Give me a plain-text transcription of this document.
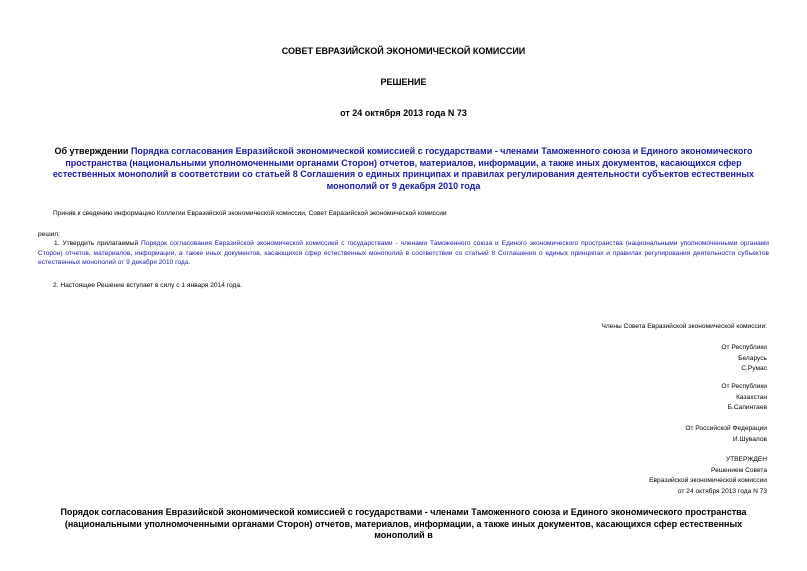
СОВЕТ ЕВРАЗИЙСКОЙ ЭКОНОМИЧЕСКОЙ КОМИССИИ
РЕШЕНИЕ
от 24 октября 2013 года N 73
Об утверждении Порядка согласования Евразийской экономической комиссией с государствами - членами Таможенного союза и Единого экономического пространства (национальными уполномоченными органами Сторон) отчетов, материалов, информации, а также иных документов, касающихся сфер естественных монополий в соответствии со статьей 8 Соглашения о единых принципах и правилах регулирования деятельности субъектов естественных монополий от 9 декабря 2010 года
Приняв к сведению информацию Коллегии Евразийской экономической комиссии, Совет Евразийской экономической комиссии
решил:
1. Утвердить прилагаемый Порядок согласования Евразийской экономической комиссией с государствами - членами Таможенного союза и Единого экономического пространства (национальными уполномоченными органами Сторон) отчетов, материалов, информации, а также иных документов, касающихся сфер естественных монополий в соответствии со статьей 8 Соглашения о единых принципах и правилах регулирования деятельности субъектов естественных монополий от 9 декабря 2010 года.
2. Настоящее Решение вступает в силу с 1 января 2014 года.
Члены Совета Евразийской экономической комиссии:
От Республики
Беларусь
С.Румас
От Республики
Казахстан
Б.Сапинтаев
От Российской Федерации
И.Шувалов
УТВЕРЖДЕН
Решением Совета
Евразийской экономической комиссии
от 24 октября 2013 года N 73
Порядок согласования Евразийской экономической комиссией с государствами - членами Таможенного союза и Единого экономического пространства (национальными уполномоченными органами Сторон) отчетов, материалов, информации, а также иных документов, касающихся сфер естественных монополий в
